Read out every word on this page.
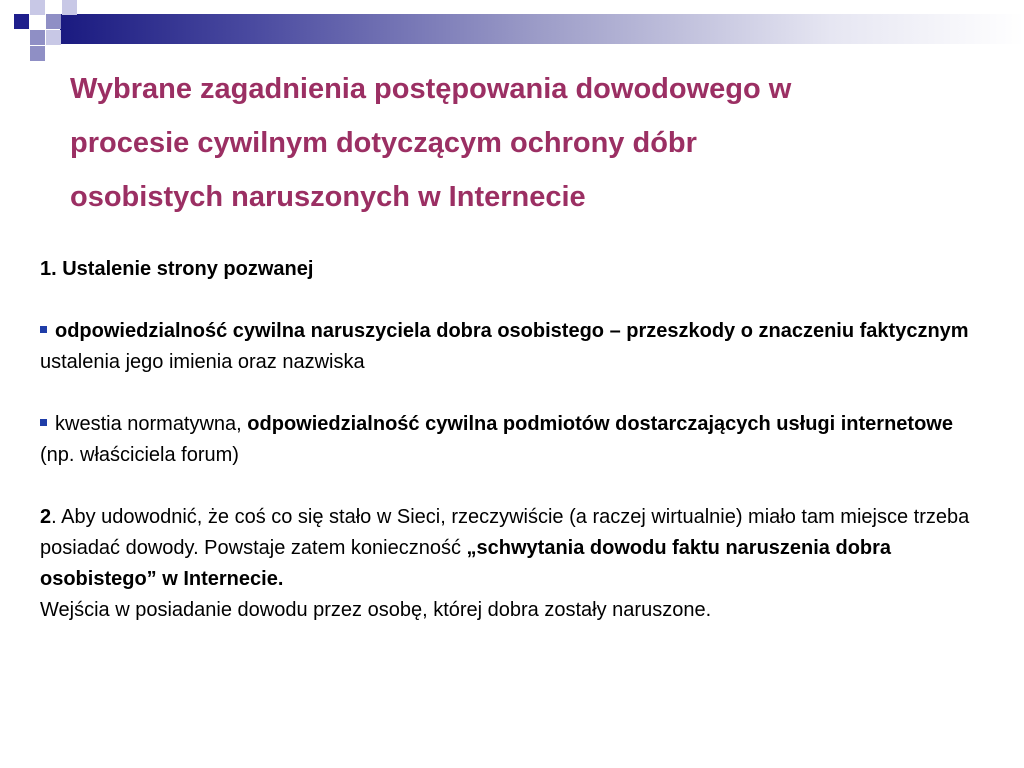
Wybrane zagadnienia postępowania dowodowego w
procesie cywilnym dotyczącym ochrony dóbr
osobistych naruszonych w Internecie

1. Ustalenie strony pozwanej

odpowiedzialność cywilna naruszyciela dobra osobistego – przeszkody o znaczeniu faktycznym ustalenia jego imienia oraz nazwiska

kwestia normatywna, odpowiedzialność cywilna podmiotów dostarczających usługi internetowe (np. właściciela forum)

2. Aby udowodnić, że coś co się stało w Sieci, rzeczywiście (a raczej wirtualnie) miało tam miejsce trzeba posiadać dowody. Powstaje zatem konieczność „schwytania dowodu faktu naruszenia dobra osobistego” w Internecie.

Wejścia w posiadanie dowodu przez osobę, której dobra zostały naruszone.
